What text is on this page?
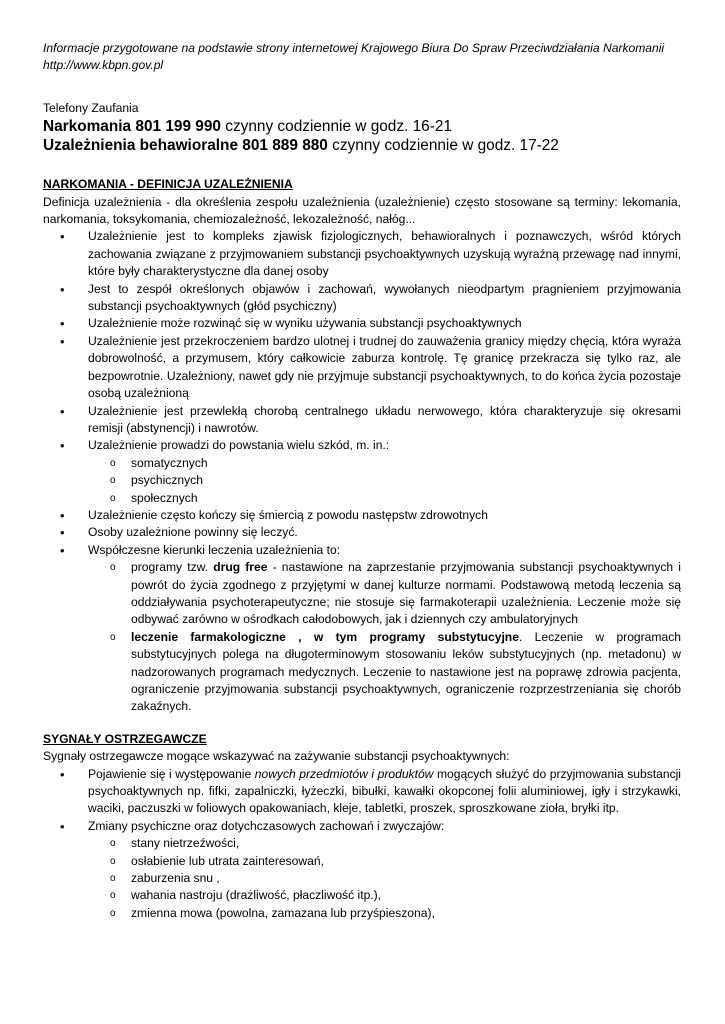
Informacje przygotowane na podstawie strony internetowej Krajowego Biura Do Spraw Przeciwdziałania Narkomanii http://www.kbpn.gov.pl

Telefony Zaufania

Narkomania 801 199 990 czynny codziennie w godz. 16-21

Uzależnienia behawioralne 801 889 880 czynny codziennie w godz. 17-22

NARKOMANIA - DEFINICJA UZALEŻNIENIA

Definicja uzależnienia - dla określenia zespołu uzależnienia (uzależnienie) często stosowane są terminy: lekomania, narkomania, toksykomania, chemiozależność, lekozależność, nałóg...

• Uzależnienie jest to kompleks zjawisk fizjologicznych, behawioralnych i poznawczych, wśród których zachowania związane z przyjmowaniem substancji psychoaktywnych uzyskują wyraźną przewagę nad innymi, które były charakterystyczne dla danej osoby
• Jest to zespół określonych objawów i zachowań, wywołanych nieodpartym pragnieniem przyjmowania substancji psychoaktywnych (głód psychiczny)
• Uzależnienie może rozwinąć się w wyniku używania substancji psychoaktywnych
• Uzależnienie jest przekroczeniem bardzo ulotnej i trudnej do zauważenia granicy między chęcią, która wyraża dobrowolność, a przymusem, który całkowicie zaburza kontrolę. Tę granicę przekracza się tylko raz, ale bezpowrotnie. Uzależniony, nawet gdy nie przyjmuje substancji psychoaktywnych, to do końca życia pozostaje osobą uzależnioną
• Uzależnienie jest przewlekłą chorobą centralnego układu nerwowego, która charakteryzuje się okresami remisji (abstynencji) i nawrotów.
• Uzależnienie prowadzi do powstania wielu szkód, m. in.:
o somatycznych
o psychicznych
o społecznych
• Uzależnienie często kończy się śmiercią z powodu następstw zdrowotnych
• Osoby uzależnione powinny się leczyć.
• Współczesne kierunki leczenia uzależnienia to:
o programy tzw. drug free - nastawione na zaprzestanie przyjmowania substancji psychoaktywnych i powrót do życia zgodnego z przyjętymi w danej kulturze normami. Podstawową metodą leczenia są oddziaływania psychoterapeutyczne; nie stosuje się farmakoterapii uzależnienia. Leczenie może się odbywać zarówno w ośrodkach całodobowych, jak i dziennych czy ambulatoryjnych
o leczenie farmakologiczne , w tym programy substytucyjne. Leczenie w programach substytucyjnych polega na długoterminowym stosowaniu leków substytucyjnych (np. metadonu) w nadzorowanych programach medycznych. Leczenie to nastawione jest na poprawę zdrowia pacjenta, ograniczenie przyjmowania substancji psychoaktywnych, ograniczenie rozprzestrzeniania się chorób zakaźnych.
SYGNAŁY OSTRZEGAWCZE

Sygnały ostrzegawcze mogące wskazywać na zażywanie substancji psychoaktywnych:

• Pojawienie się i występowanie nowych przedmiotów i produktów mogących służyć do przyjmowania substancji psychoaktywnych np. fifki, zapalniczki, łyżeczki, bibułki, kawałki okopconej folii aluminiowej, igły i strzykawki, waciki, paczuszki w foliowych opakowaniach, kleje, tabletki, proszek, sproszkowane zioła, bryłki itp.
• Zmiany psychiczne oraz dotychczasowych zachowań i zwyczajów:
o stany nietrzeźwości,
o osłabienie lub utrata zainteresowań,
o zaburzenia snu ,
o wahania nastroju (drażliwość, płaczliwość itp.),
o zmienna mowa (powolna, zamazana lub przyśpieszona),
